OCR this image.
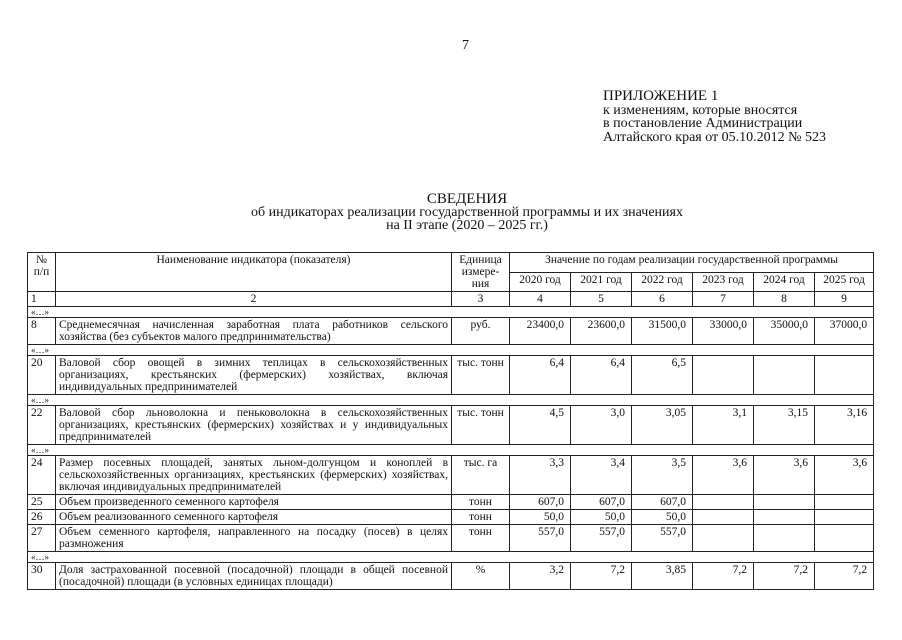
7
ПРИЛОЖЕНИЕ 1
к изменениям, которые вносятся
в постановление Администрации
Алтайского края от 05.10.2012 № 523
СВЕДЕНИЯ
об индикаторах реализации государственной программы и их значениях
на II этапе (2020 – 2025 гг.)
№ п/п	Наименование индикатора (показателя)	Единица измере-ния	Значение по годам реализации государственной программы					
			2020 год	2021 год	2022 год	2023 год	2024 год	2025 год
1	2	3	4	5	6	7	8	9
«…»								
8	Среднемесячная начисленная заработная плата работников сельского хозяйства (без субъектов малого предпринимательства)	руб.	23400,0	23600,0	31500,0	33000,0	35000,0	37000,0
«…»								
20	Валовой сбор овощей в зимних теплицах в сельскохозяйственных организациях, крестьянских (фермерских) хозяйствах, включая индивидуальных предпринимателей	тыс. тонн	6,4	6,4	6,5			
«…»								
22	Валовой сбор льноволокна и пеньковолокна в сельскохозяйственных организациях, крестьянских (фермерских) хозяйствах и у индивидуальных предпринимателей	тыс. тонн	4,5	3,0	3,05	3,1	3,15	3,16
«…»								
24	Размер посевных площадей, занятых льном-долгунцом и коноплей в сельскохозяйственных организациях, крестьянских (фермерских) хозяйствах, включая индивидуальных предпринимателей	тыс. га	3,3	3,4	3,5	3,6	3,6	3,6
25	Объем произведенного семенного картофеля	тонн	607,0	607,0	607,0			
26	Объем реализованного семенного картофеля	тонн	50,0	50,0	50,0			
27	Объем семенного картофеля, направленного на посадку (посев) в целях размножения	тонн	557,0	557,0	557,0			
«…»								
30	Доля застрахованной посевной (посадочной) площади в общей посевной (посадочной) площади (в условных единицах площади)	%	3,2	7,2	3,85	7,2	7,2	7,2
